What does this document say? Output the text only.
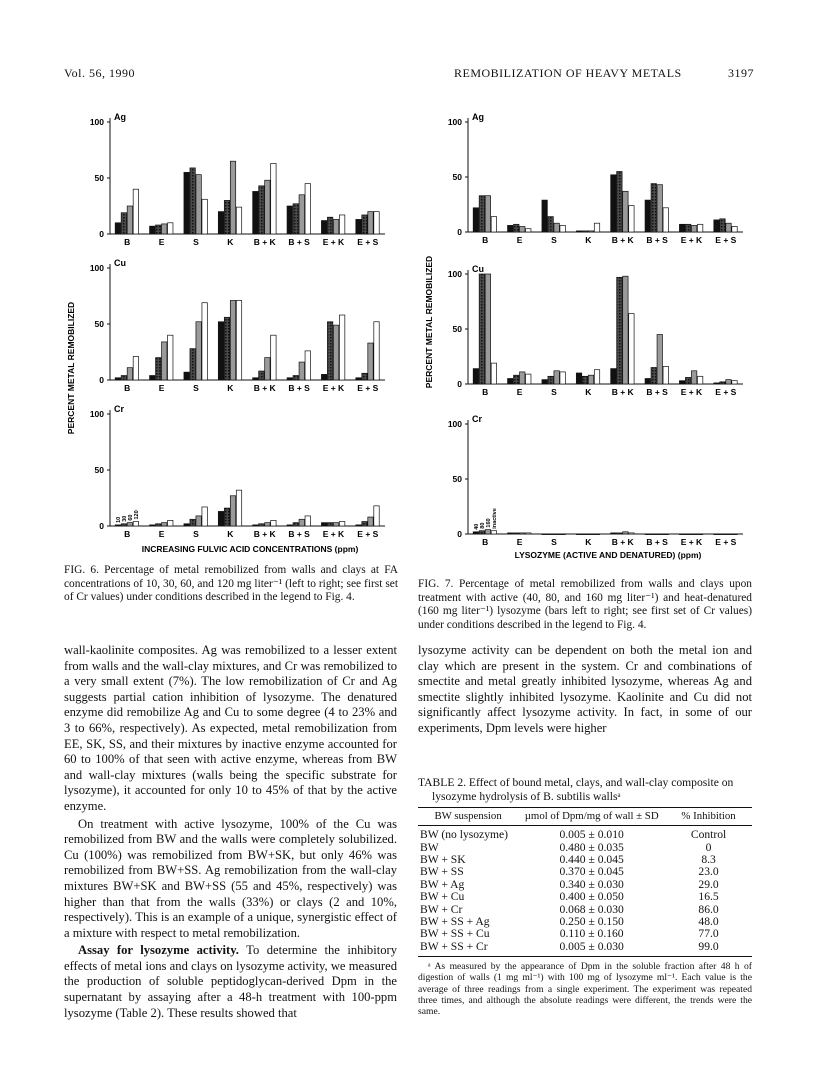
Vol. 56, 1990	REMOBILIZATION OF HEAVY METALS	3197
0
50
100 Ag
B	E	S	K B + K B + S E + K E + S
0
50
100 Cu
B	E	S	K B + K B + S E + K E + S
0
50
100 Cr
B	E	S	K B + K B + S E + K E + S
10 30 60 120
PERCENT METAL REMOBILIZED
INCREASING FULVIC ACID CONCENTRATIONS (ppm)
FIG. 6. Percentage of metal remobilized from walls and clays at FA concentrations of 10, 30, 60, and 120 mg liter⁻¹ (left to right; see first set of Cr values) under conditions described in the legend to Fig. 4.
0
50
100 Ag
B	E	S	K B + K B + S E + K E + S
0
50
100 Cu
B	E	S	K B + K B + S E + K E + S
0
50
100 Cr
B	E	S	K B + K B + S E + K E + S
40 80 160 inactive
PERCENT METAL REMOBILIZED
LYSOZYME (ACTIVE AND DENATURED) (ppm)
FIG. 7. Percentage of metal remobilized from walls and clays upon treatment with active (40, 80, and 160 mg liter⁻¹) and heat-denatured (160 mg liter⁻¹) lysozyme (bars left to right; see first set of Cr values) under conditions described in the legend to Fig. 4.

wall-kaolinite composites. Ag was remobilized to a lesser extent from walls and the wall-clay mixtures, and Cr was remobilized to a very small extent (7%). The low remobilization of Cr and Ag suggests partial cation inhibition of lysozyme. The denatured enzyme did remobilize Ag and Cu to some degree (4 to 23% and 3 to 66%, respectively). As expected, metal remobilization from EE, SK, SS, and their mixtures by inactive enzyme accounted for 60 to 100% of that seen with active enzyme, whereas from BW and wall-clay mixtures (walls being the specific substrate for lysozyme), it accounted for only 10 to 45% of that by the active enzyme.

On treatment with active lysozyme, 100% of the Cu was remobilized from BW and the walls were completely solubilized. Cu (100%) was remobilized from BW+SK, but only 46% was remobilized from BW+SS. Ag remobilization from the wall-clay mixtures BW+SK and BW+SS (55 and 45%, respectively) was higher than that from the walls (33%) or clays (2 and 10%, respectively). This is an example of a unique, synergistic effect of a mixture with respect to metal remobilization.

Assay for lysozyme activity. To determine the inhibitory effects of metal ions and clays on lysozyme activity, we measured the production of soluble peptidoglycan-derived Dpm in the supernatant by assaying after a 48-h treatment with 100-ppm lysozyme (Table 2). These results showed that

lysozyme activity can be dependent on both the metal ion and clay which are present in the system. Cr and combinations of smectite and metal greatly inhibited lysozyme, whereas Ag and smectite slightly inhibited lysozyme. Kaolinite and Cu did not significantly affect lysozyme activity. In fact, in some of our experiments, Dpm levels were higher

TABLE 2. Effect of bound metal, clays, and wall-clay composite on lysozyme hydrolysis of B. subtilis wallsᵃ
BW suspension	µmol of Dpm/mg of wall ± SD	% Inhibition
BW (no lysozyme)	0.005 ± 0.010	Control
BW	0.480 ± 0.035	0
BW + SK	0.440 ± 0.045	8.3
BW + SS	0.370 ± 0.045	23.0
BW + Ag	0.340 ± 0.030	29.0
BW + Cu	0.400 ± 0.050	16.5
BW + Cr	0.068 ± 0.030	86.0
BW + SS + Ag	0.250 ± 0.150	48.0
BW + SS + Cu	0.110 ± 0.160	77.0
BW + SS + Cr	0.005 ± 0.030	99.0
ᵃ As measured by the appearance of Dpm in the soluble fraction after 48 h of digestion of walls (1 mg ml⁻¹) with 100 mg of lysozyme ml⁻¹. Each value is the average of three readings from a single experiment. The experiment was repeated three times, and although the absolute readings were different, the trends were the same.
